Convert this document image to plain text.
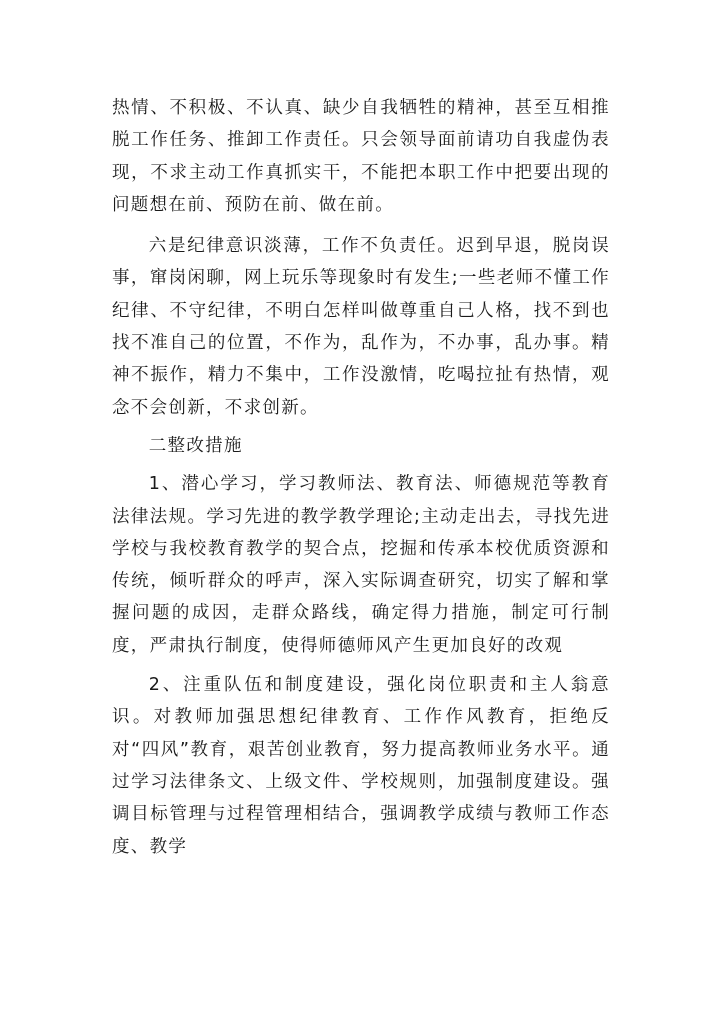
热情、不积极、不认真、缺少自我牺牲的精神，甚至互相推脱工作任务、推卸工作责任。只会领导面前请功自我虚伪表现，不求主动工作真抓实干，不能把本职工作中把要出现的问题想在前、预防在前、做在前。

六是纪律意识淡薄，工作不负责任。迟到早退，脱岗误事，窜岗闲聊，网上玩乐等现象时有发生;一些老师不懂工作纪律、不守纪律，不明白怎样叫做尊重自己人格，找不到也找不准自己的位置，不作为，乱作为，不办事，乱办事。精神不振作，精力不集中，工作没激情，吃喝拉扯有热情，观念不会创新，不求创新。

二整改措施

1、潜心学习，学习教师法、教育法、师德规范等教育法律法规。学习先进的教学教学理论;主动走出去，寻找先进学校与我校教育教学的契合点，挖掘和传承本校优质资源和传统，倾听群众的呼声，深入实际调查研究，切实了解和掌握问题的成因，走群众路线，确定得力措施，制定可行制度，严肃执行制度，使得师德师风产生更加良好的改观

2、注重队伍和制度建设，强化岗位职责和主人翁意识。对教师加强思想纪律教育、工作作风教育，拒绝反对“四风”教育，艰苦创业教育，努力提高教师业务水平。通过学习法律条文、上级文件、学校规则，加强制度建设。强调目标管理与过程管理相结合，强调教学成绩与教师工作态度、教学
